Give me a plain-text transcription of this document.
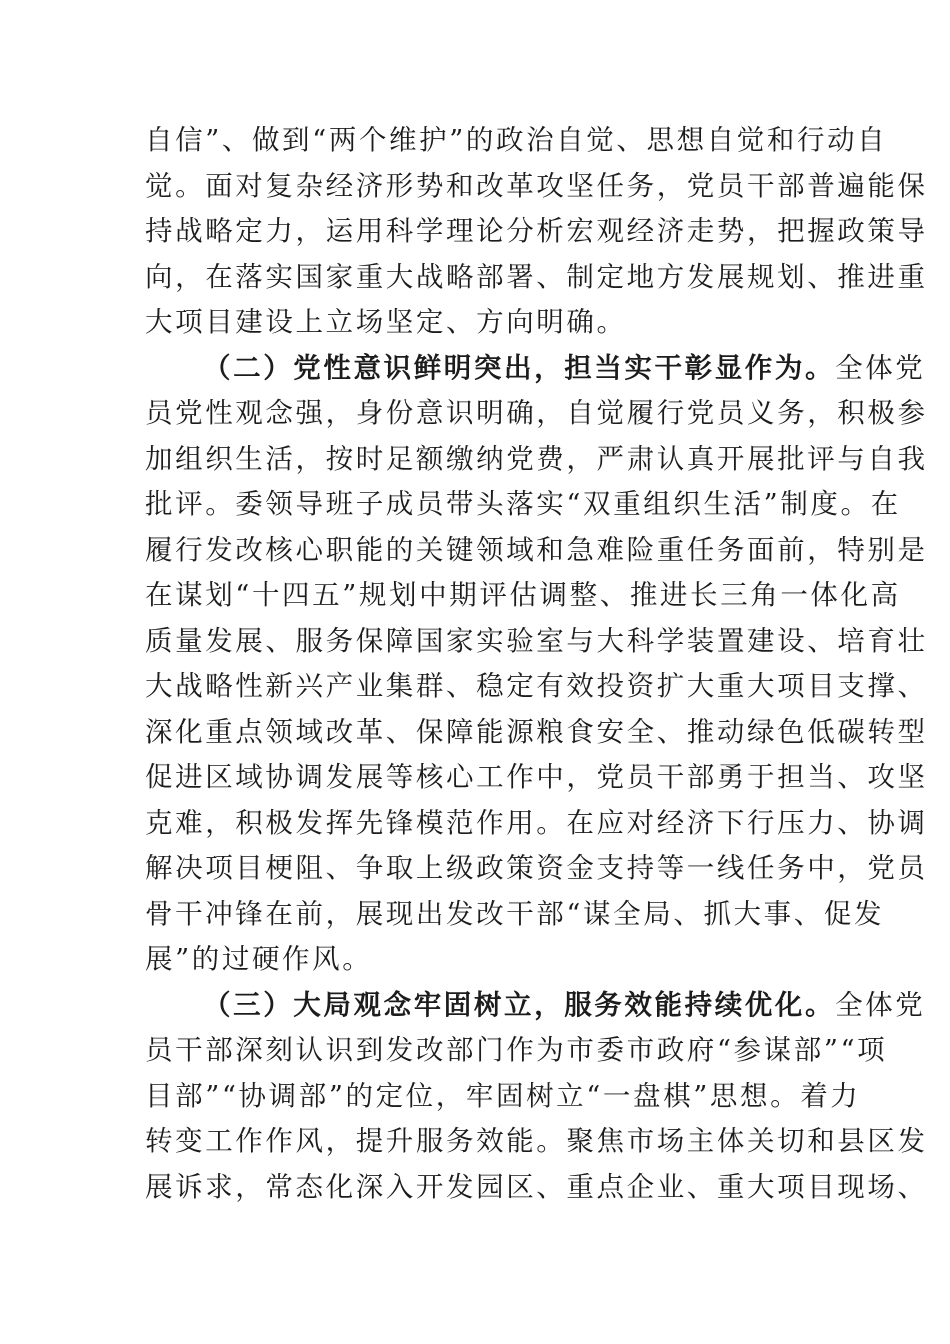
自信”、做到“两个维护”的政治自觉、思想自觉和行动自
觉。面对复杂经济形势和改革攻坚任务，党员干部普遍能保
持战略定力，运用科学理论分析宏观经济走势，把握政策导
向，在落实国家重大战略部署、制定地方发展规划、推进重
大项目建设上立场坚定、方向明确。
（二）党性意识鲜明突出，担当实干彰显作为。全体党
员党性观念强，身份意识明确，自觉履行党员义务，积极参
加组织生活，按时足额缴纳党费，严肃认真开展批评与自我
批评。委领导班子成员带头落实“双重组织生活”制度。在
履行发改核心职能的关键领域和急难险重任务面前，特别是
在谋划“十四五”规划中期评估调整、推进长三角一体化高
质量发展、服务保障国家实验室与大科学装置建设、培育壮
大战略性新兴产业集群、稳定有效投资扩大重大项目支撑、
深化重点领域改革、保障能源粮食安全、推动绿色低碳转型
促进区域协调发展等核心工作中，党员干部勇于担当、攻坚
克难，积极发挥先锋模范作用。在应对经济下行压力、协调
解决项目梗阻、争取上级政策资金支持等一线任务中，党员
骨干冲锋在前，展现出发改干部“谋全局、抓大事、促发
展”的过硬作风。
（三）大局观念牢固树立，服务效能持续优化。全体党
员干部深刻认识到发改部门作为市委市政府“参谋部”“项
目部”“协调部”的定位，牢固树立“一盘棋”思想。着力
转变工作作风，提升服务效能。聚焦市场主体关切和县区发
展诉求，常态化深入开发园区、重点企业、重大项目现场、
